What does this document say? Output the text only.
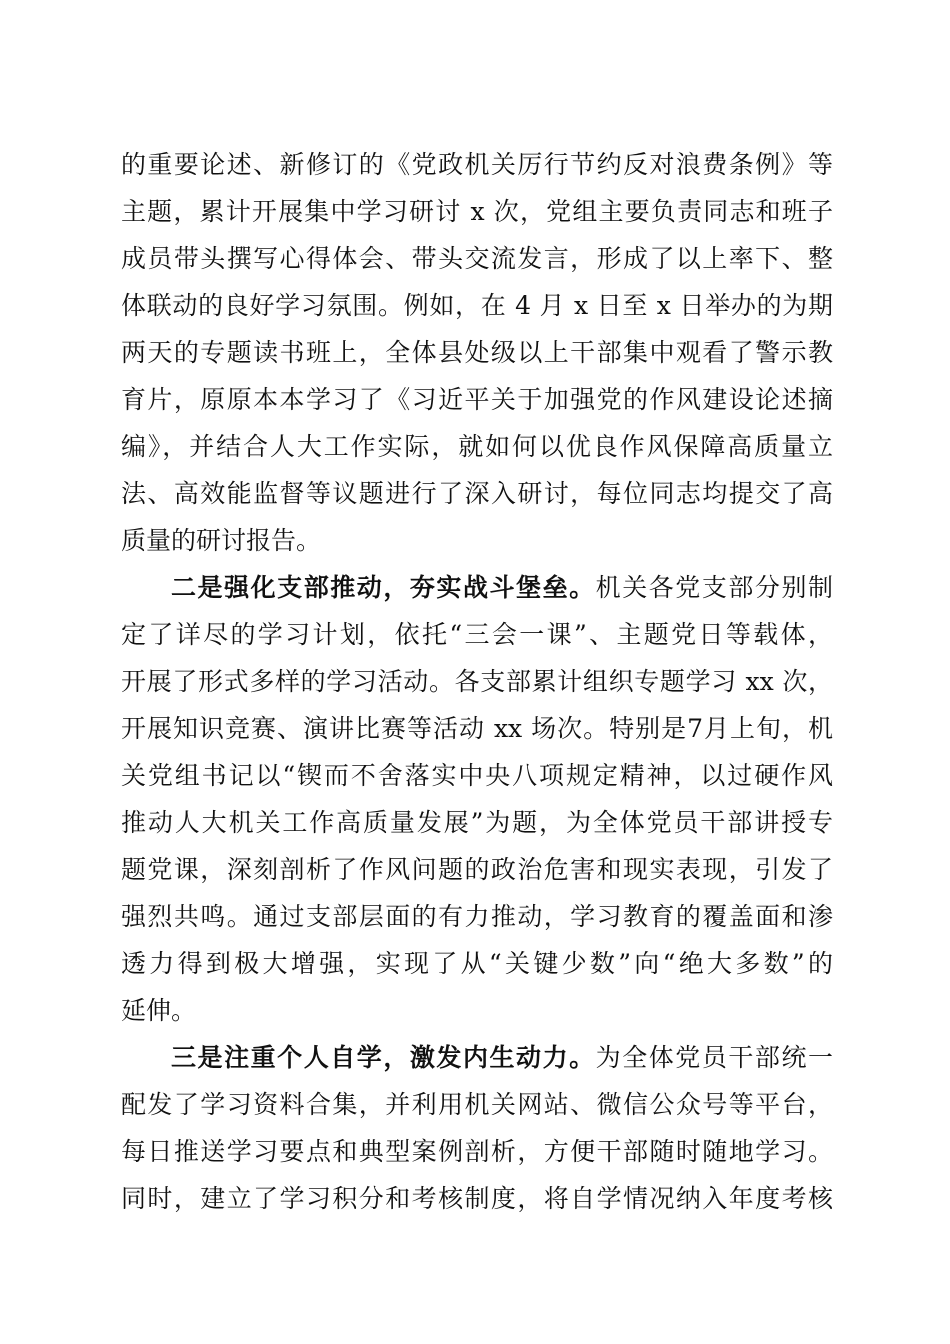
的重要论述、新修订的《党政机关厉行节约反对浪费条例》等
主题，累计开展集中学习研讨 x 次，党组主要负责同志和班子
成员带头撰写心得体会、带头交流发言，形成了以上率下、整
体联动的良好学习氛围。例如，在 4 月 x 日至 x 日举办的为期
两天的专题读书班上，全体县处级以上干部集中观看了警示教
育片，原原本本学习了《习近平关于加强党的作风建设论述摘
编》，并结合人大工作实际，就如何以优良作风保障高质量立
法、高效能监督等议题进行了深入研讨，每位同志均提交了高
质量的研讨报告。
二是强化支部推动，夯实战斗堡垒。机关各党支部分别制
定了详尽的学习计划，依托“三会一课”、主题党日等载体，
开展了形式多样的学习活动。各支部累计组织专题学习 xx 次，
开展知识竞赛、演讲比赛等活动 xx 场次。特别是7月上旬，机
关党组书记以“锲而不舍落实中央八项规定精神，以过硬作风
推动人大机关工作高质量发展”为题，为全体党员干部讲授专
题党课，深刻剖析了作风问题的政治危害和现实表现，引发了
强烈共鸣。通过支部层面的有力推动，学习教育的覆盖面和渗
透力得到极大增强，实现了从“关键少数”向“绝大多数”的
延伸。
三是注重个人自学，激发内生动力。为全体党员干部统一
配发了学习资料合集，并利用机关网站、微信公众号等平台，
每日推送学习要点和典型案例剖析，方便干部随时随地学习。
同时，建立了学习积分和考核制度，将自学情况纳入年度考核
